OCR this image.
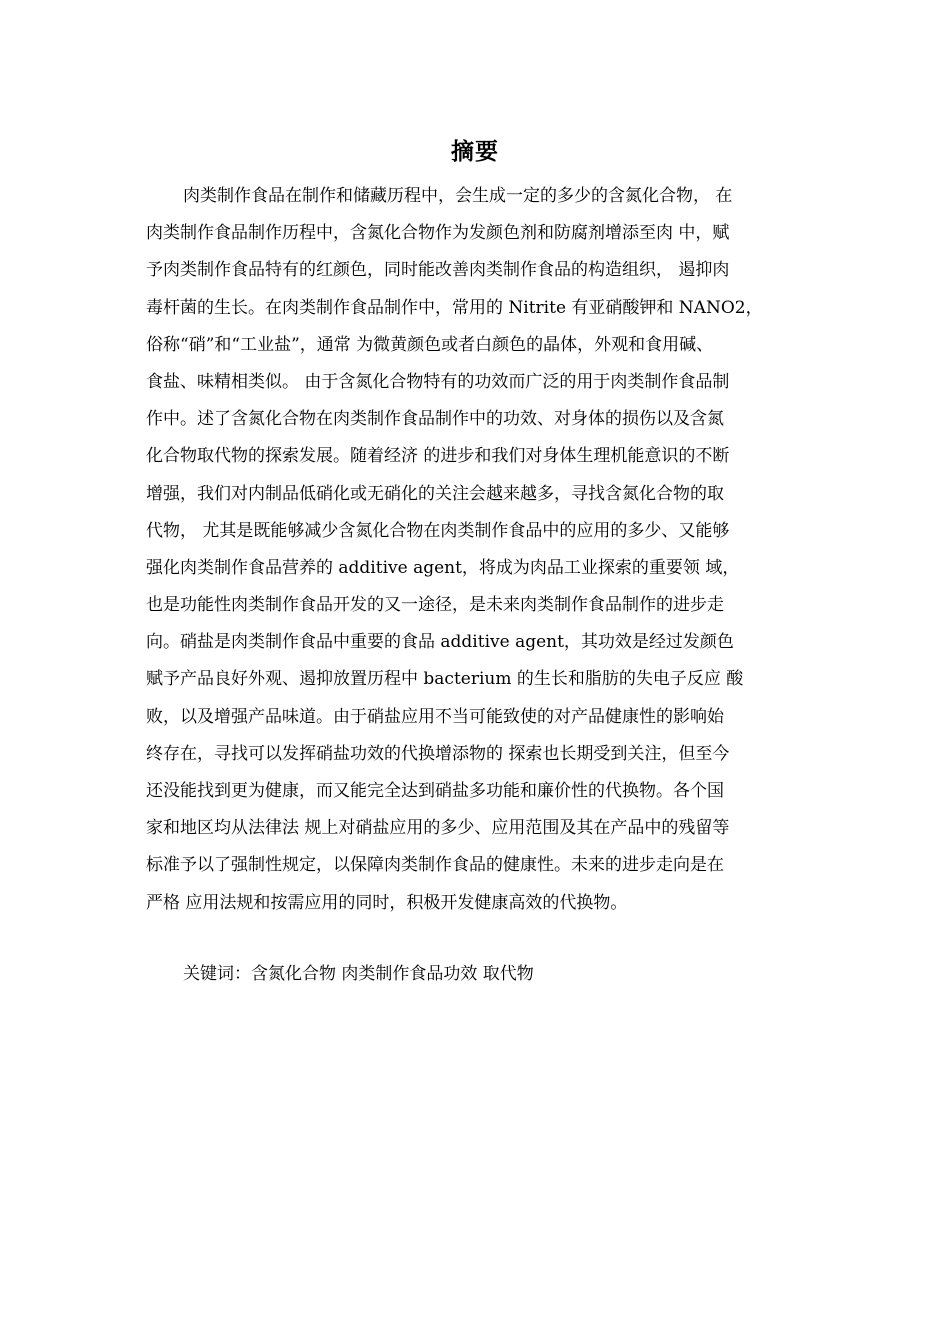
摘要
肉类制作食品在制作和储藏历程中，会生成一定的多少的含氮化合物， 在
肉类制作食品制作历程中，含氮化合物作为发颜色剂和防腐剂增添至肉 中，赋
予肉类制作食品特有的红颜色，同时能改善肉类制作食品的构造组织， 遏抑肉
毒杆菌的生长。在肉类制作食品制作中，常用的 Nitrite 有亚硝酸钾和 NANO2，
俗称“硝”和“工业盐”，通常 为微黄颜色或者白颜色的晶体，外观和食用碱、
食盐、味精相类似。 由于含氮化合物特有的功效而广泛的用于肉类制作食品制
作中。述了含氮化合物在肉类制作食品制作中的功效、对身体的损伤以及含氮
化合物取代物的探索发展。随着经济 的进步和我们对身体生理机能意识的不断
增强，我们对内制品低硝化或无硝化的关注会越来越多，寻找含氮化合物的取
代物， 尤其是既能够减少含氮化合物在肉类制作食品中的应用的多少、又能够
强化肉类制作食品营养的 additive agent，将成为肉品工业探索的重要领 域，
也是功能性肉类制作食品开发的又一途径，是未来肉类制作食品制作的进步走
向。硝盐是肉类制作食品中重要的食品 additive agent，其功效是经过发颜色
赋予产品良好外观、遏抑放置历程中 bacterium 的生长和脂肪的失电子反应 酸
败，以及增强产品味道。由于硝盐应用不当可能致使的对产品健康性的影响始
终存在，寻找可以发挥硝盐功效的代换增添物的 探索也长期受到关注，但至今
还没能找到更为健康，而又能完全达到硝盐多功能和廉价性的代换物。各个国
家和地区均从法律法 规上对硝盐应用的多少、应用范围及其在产品中的残留等
标准予以了强制性规定，以保障肉类制作食品的健康性。未来的进步走向是在
严格 应用法规和按需应用的同时，积极开发健康高效的代换物。
关键词：含氮化合物 肉类制作食品功效 取代物
